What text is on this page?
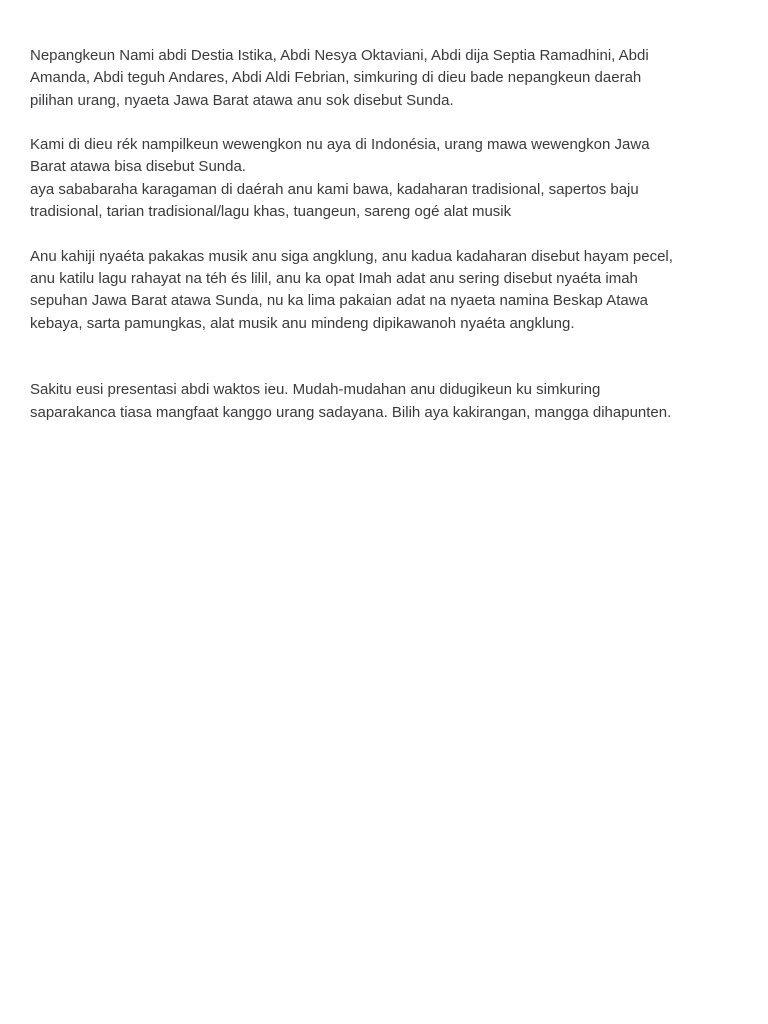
Nepangkeun Nami abdi Destia Istika, Abdi Nesya Oktaviani, Abdi dija Septia Ramadhini, Abdi
Amanda, Abdi teguh Andares, Abdi Aldi Febrian, simkuring di dieu bade nepangkeun daerah
pilihan urang, nyaeta Jawa Barat atawa anu sok disebut Sunda.

Kami di dieu rék nampilkeun wewengkon nu aya di Indonésia, urang mawa wewengkon Jawa
Barat atawa bisa disebut Sunda.
aya sababaraha karagaman di daérah anu kami bawa, kadaharan tradisional, sapertos baju
tradisional, tarian tradisional/lagu khas, tuangeun, sareng ogé alat musik

Anu kahiji nyaéta pakakas musik anu siga angklung, anu kadua kadaharan disebut hayam pecel,
anu katilu lagu rahayat na téh és lilil, anu ka opat Imah adat anu sering disebut nyaéta imah
sepuhan Jawa Barat atawa Sunda, nu ka lima pakaian adat na nyaeta namina Beskap Atawa
kebaya, sarta pamungkas, alat musik anu mindeng dipikawanoh nyaéta angklung.

Sakitu eusi presentasi abdi waktos ieu. Mudah-mudahan anu didugikeun ku simkuring
saparakanca tiasa mangfaat kanggo urang sadayana. Bilih aya kakirangan, mangga dihapunten.
